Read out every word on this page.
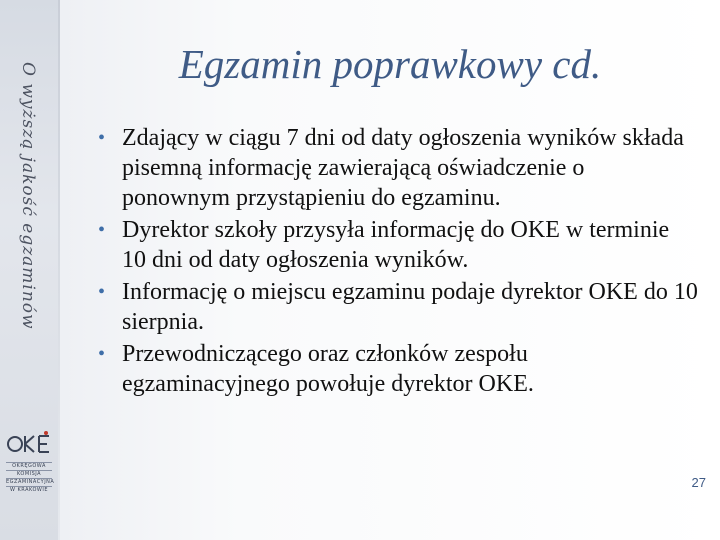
O wyższą jakość egzaminów
OKRĘGOWA
KOMISJA
EGZAMINACYJNA
W KRAKOWIE
Egzamin poprawkowy cd.
• Zdający w ciągu 7 dni od daty ogłoszenia wyników składa pisemną informację zawierającą oświadczenie o ponownym przystąpieniu do egzaminu.
• Dyrektor szkoły przysyła informację do OKE w terminie 10 dni od daty ogłoszenia wyników.
• Informację o miejscu egzaminu podaje dyrektor OKE do 10 sierpnia.
• Przewodniczącego oraz członków zespołu egzaminacyjnego powołuje dyrektor OKE.
27
